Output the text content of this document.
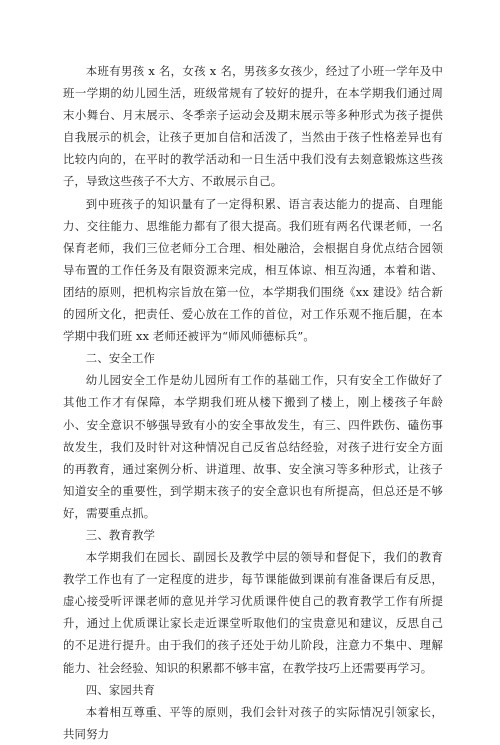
本班有男孩 x 名，女孩 x 名，男孩多女孩少，经过了小班一学年及中班一学期的幼儿园生活，班级常规有了较好的提升，在本学期我们通过周末小舞台、月末展示、冬季亲子运动会及期末展示等多种形式为孩子提供自我展示的机会，让孩子更加自信和活泼了，当然由于孩子性格差异也有比较内向的，在平时的教学活动和一日生活中我们没有去刻意锻炼这些孩子，导致这些孩子不大方、不敢展示自己。

到中班孩子的知识量有了一定得积累、语言表达能力的提高、自理能力、交往能力、思维能力都有了很大提高。我们班有两名代课老师，一名保育老师，我们三位老师分工合理、相处融洽，会根据自身优点结合园领导布置的工作任务及有限资源来完成，相互体谅、相互沟通，本着和谐、团结的原则，把机构宗旨放在第一位，本学期我们围绕《xx 建设》结合新的园所文化，把责任、爱心放在工作的首位，对工作乐观不拖后腿，在本学期中我们班 xx 老师还被评为“师风师德标兵”。

二、安全工作

幼儿园安全工作是幼儿园所有工作的基础工作，只有安全工作做好了其他工作才有保障，本学期我们班从楼下搬到了楼上，刚上楼孩子年龄小、安全意识不够强导致有小的安全事故发生，有三、四件跌伤、磕伤事故发生，我们及时针对这种情况自己反省总结经验，对孩子进行安全方面的再教育，通过案例分析、讲道理、故事、安全演习等多种形式，让孩子知道安全的重要性，到学期末孩子的安全意识也有所提高，但总还是不够好，需要重点抓。

三、教育教学

本学期我们在园长、副园长及教学中层的领导和督促下，我们的教育教学工作也有了一定程度的进步，每节课能做到课前有准备课后有反思，虚心接受听评课老师的意见并学习优质课件使自己的教育教学工作有所提升，通过上优质课让家长走近课堂听取他们的宝贵意见和建议，反思自己的不足进行提升。由于我们的孩子还处于幼儿阶段，注意力不集中、理解能力、社会经验、知识的积累都不够丰富，在教学技巧上还需要再学习。

四、家园共育

本着相互尊重、平等的原则，我们会针对孩子的实际情况引领家长，共同努力
